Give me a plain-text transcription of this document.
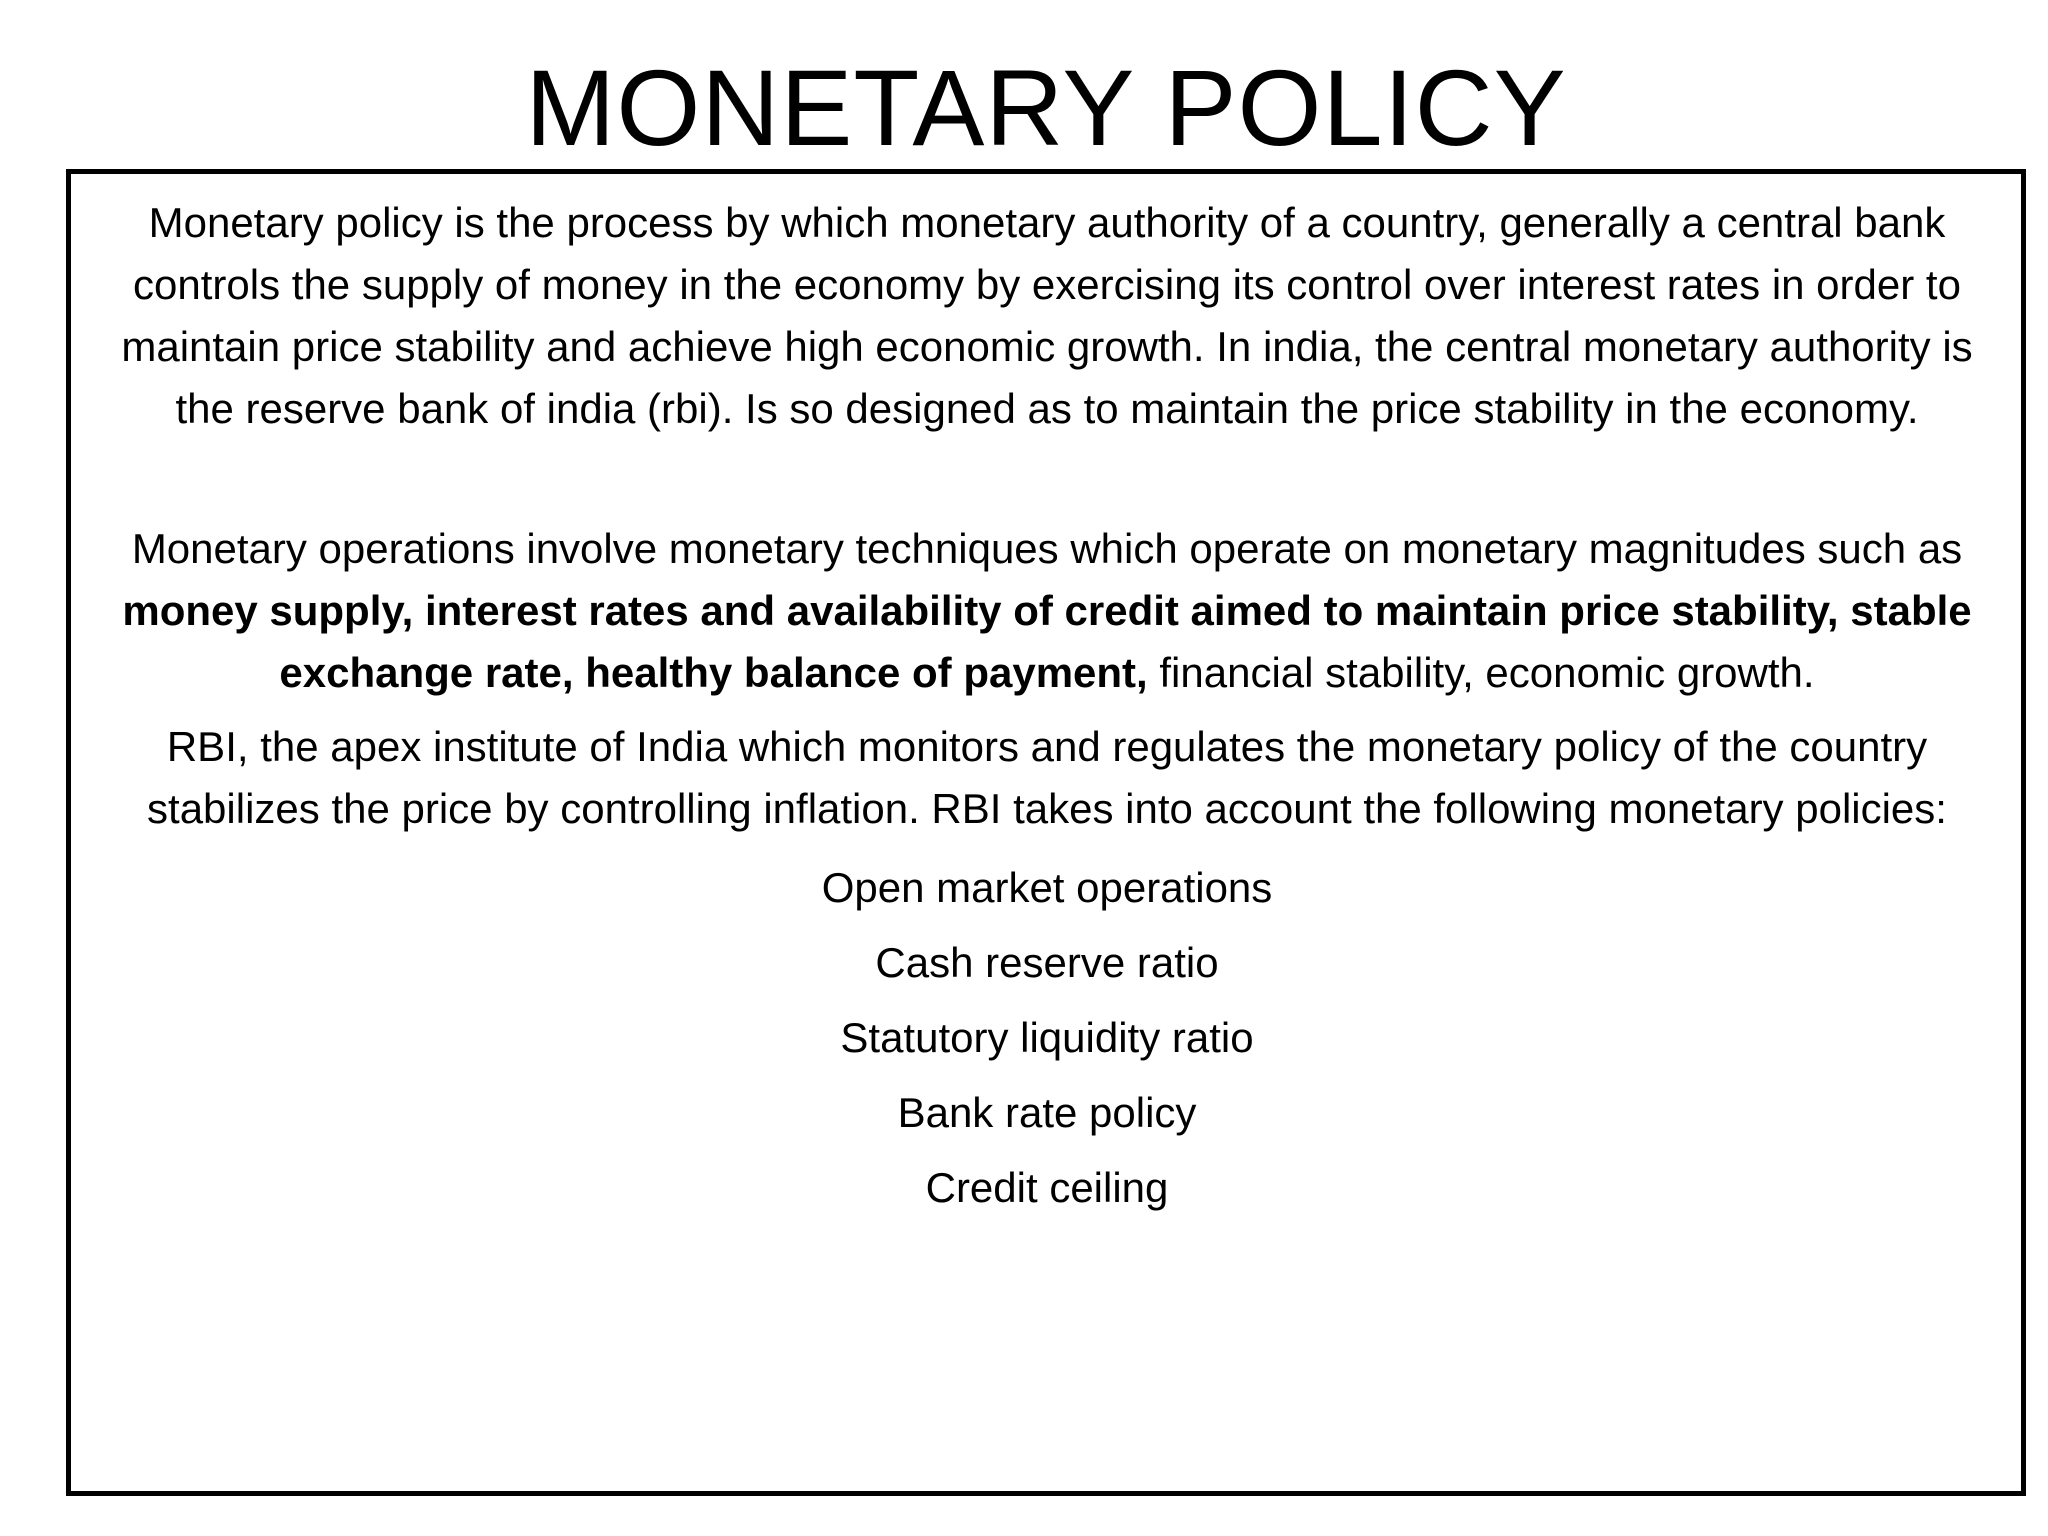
MONETARY POLICY

Monetary policy is the process by which monetary authority of a country, generally a central bank controls the supply of money in the economy by exercising its control over interest rates in order to maintain price stability and achieve high economic growth. In india, the central monetary authority is the reserve bank of india (rbi). Is so designed as to maintain the price stability in the economy.

Monetary operations involve monetary techniques which operate on monetary magnitudes such as money supply, interest rates and availability of credit aimed to maintain price stability, stable exchange rate, healthy balance of payment, financial stability, economic growth.

RBI, the apex institute of India which monitors and regulates the monetary policy of the country stabilizes the price by controlling inflation. RBI takes into account the following monetary policies:

Open market operations
Cash reserve ratio
Statutory liquidity ratio
Bank rate policy
Credit ceiling
